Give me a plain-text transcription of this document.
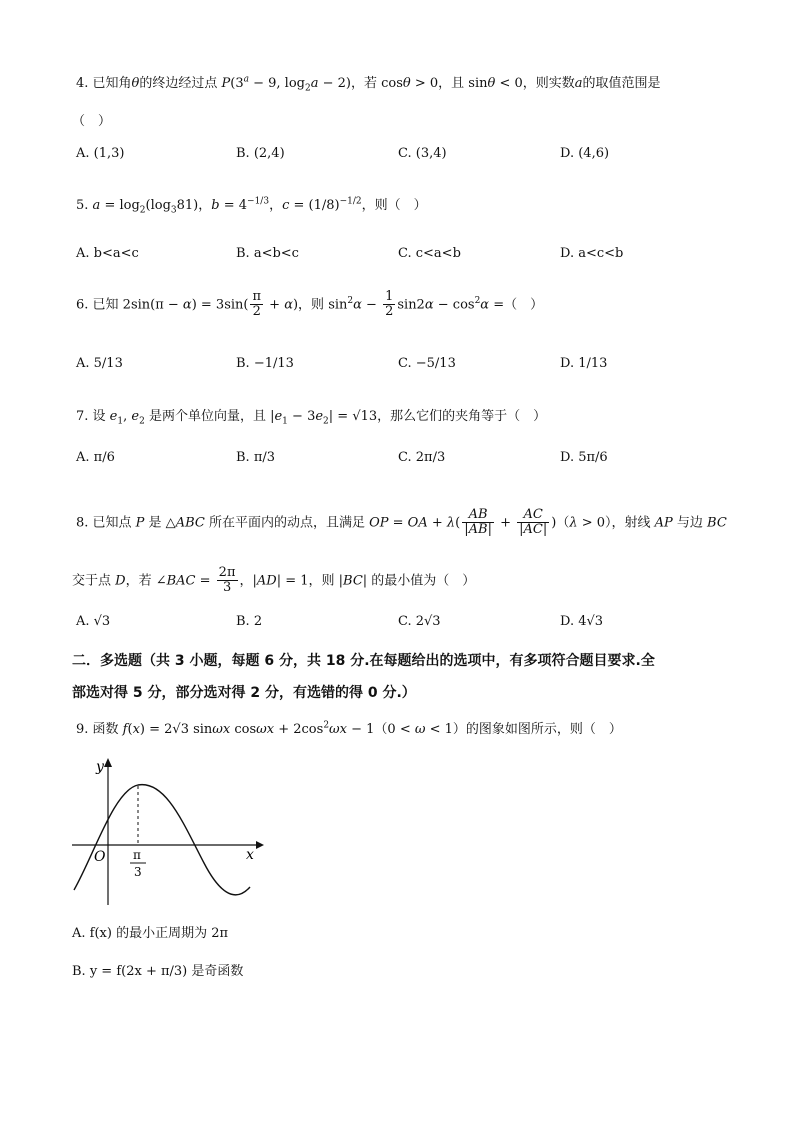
4. 已知角θ的终边经过点 $P(3^a - 9$, $\log_2a - 2$)，若 cosθ > 0，且 sinθ < 0，则实数a的取值范围是
（　）
A. (1,3)	B. (2,4)	C. (3,4)	D. (4,6)
5. $a = \log_2(\log_381)$，$b = 4^{-1/3}$，$c = (1/8)^{-1/2}$，则（　）
A. b<a<c	B. a<b<c	C. c<a<b	D. a<c<b
6. 已知 $2\sin(\pi - \alpha) = 3\sin( \frac{\pi}{2} + \alpha)$，则 $\sin^2\alpha - \frac{1}{2} \sin 2\alpha - \cos^2\alpha$ =（　）
A. 5/13	B. −1/13	C. −5/13	D. 1/13
7. 设 $e_1$, $e_2$ 是两个单位向量，且 $|e_1 - 3e_2| = √13$，那么它们的夹角等于（　）
A. π/6	B. π/3	C. 2π/3	D. 5π/6
8. 已知点 P 是 △ABC 所在平面内的动点，且满足 OP = OA + $\lambda( \frac{AB}{|AB|} + \frac{AC}{|AC|} )(\lambda > 0)$，射线 AP 与边 BC
交于点 D，若 ∠BAC = $\frac{2\pi}{3}$ ，|AD| = 1，则 |BC| 的最小值为（　）
A. √3	B. 2	C. 2√3	D. 4√3
二．多选题（共 3 小题，每题 6 分，共 18 分.在每题给出的选项中，有多项符合题目要求.全
部选对得 5 分，部分选对得 2 分，有选错的得 0 分.）
9. 函数 f(x) = 2√3 sinωx $\cos\omega x + 2\cos^2\omega x - 1(0 < \omega < 1)$的图象如图所示，则（　）
y
x
O π
3
A. f(x) 的最小正周期为 2π
B. y = f(2x + π/3) 是奇函数
